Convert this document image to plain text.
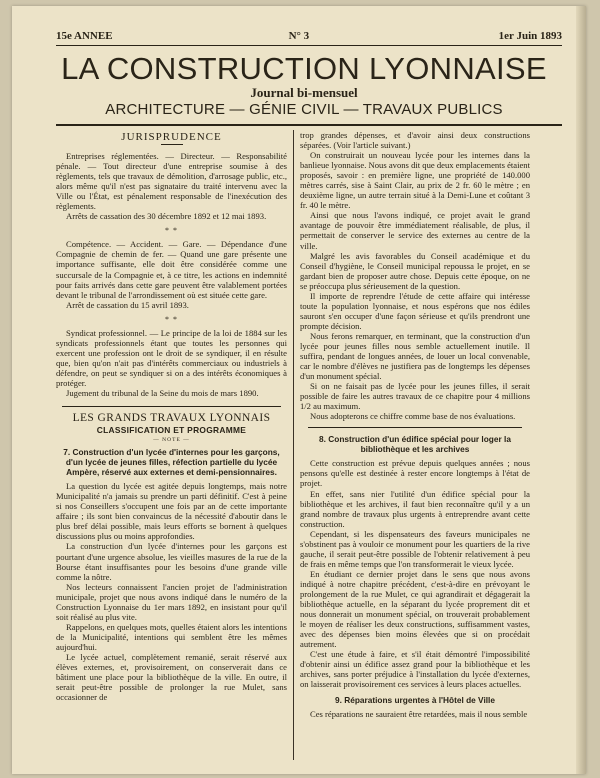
15e ANNEE	N° 3	1er Juin 1893
LA CONSTRUCTION LYONNAISE
Journal bi-mensuel
ARCHITECTURE — GÉNIE CIVIL — TRAVAUX PUBLICS
JURISPRUDENCE

Entreprises réglementées. — Directeur. — Responsabilité pénale. — Tout directeur d'une entreprise soumise à des règlements, tels que travaux de démolition, d'arrosage public, etc., alors même qu'il n'est pas signataire du traité intervenu avec la Ville ou l'État, est pénalement responsable de l'inexécution des règlements.

Arrêts de cassation des 30 décembre 1892 et 12 mai 1893.

* *

Compétence. — Accident. — Gare. — Dépendance d'une Compagnie de chemin de fer. — Quand une gare présente une importance suffisante, elle doit être considérée comme une succursale de la Compagnie et, à ce titre, les actions en indemnité pour faits arrivés dans cette gare peuvent être valablement portées devant le tribunal de l'arrondissement où est située cette gare.

Arrêt de cassation du 15 avril 1893.

* *

Syndicat professionnel. — Le principe de la loi de 1884 sur les syndicats professionnels étant que toutes les personnes qui exercent une profession ont le droit de se syndiquer, il en résulte que, bien qu'on n'ait pas d'intérêts commerciaux ou industriels à défendre, on peut se syndiquer si on a des intérêts économiques à protéger.

Jugement du tribunal de la Seine du mois de mars 1890.

LES GRANDS TRAVAUX LYONNAIS
CLASSIFICATION ET PROGRAMME
— NOTE —
7. Construction d'un lycée d'internes pour les garçons, d'un lycée de jeunes filles, réfection partielle du lycée Ampère, réservé aux externes et demi-pensionnaires.

La question du lycée est agitée depuis longtemps, mais notre Municipalité n'a jamais su prendre un parti définitif. C'est à peine si nos Conseillers s'occupent une fois par an de cette importante affaire ; ils sont bien convaincus de la nécessité d'aboutir dans le plus bref délai possible, mais leurs efforts se bornent à quelques discussions plus ou moins approfondies.

La construction d'un lycée d'internes pour les garçons est pourtant d'une urgence absolue, les vieilles masures de la rue de la Bourse étant insuffisantes pour les besoins d'une grande ville comme la nôtre.

Nos lecteurs connaissent l'ancien projet de l'administration municipale, projet que nous avons indiqué dans le numéro de la Construction Lyonnaise du 1er mars 1892, en insistant pour qu'il soit réalisé au plus vite.

Rappelons, en quelques mots, quelles étaient alors les intentions de la Municipalité, intentions qui semblent être les mêmes aujourd'hui.

Le lycée actuel, complètement remanié, serait réservé aux élèves externes, et, provisoirement, on conserverait dans ce bâtiment une place pour la bibliothèque de la ville. En outre, il serait peut-être possible de prolonger la rue Mulet, sans occasionner de

trop grandes dépenses, et d'avoir ainsi deux constructions séparées. (Voir l'article suivant.)

On construirait un nouveau lycée pour les internes dans la banlieue lyonnaise. Nous avons dit que deux emplacements étaient proposés, savoir : en première ligne, une propriété de 140.000 mètres carrés, sise à Saint Clair, au prix de 2 fr. 60 le mètre ; en deuxième ligne, un autre terrain situé à la Demi-Lune et coûtant 3 fr. 40 le mètre.

Ainsi que nous l'avons indiqué, ce projet avait le grand avantage de pouvoir être immédiatement réalisable, de plus, il permettait de conserver le service des externes au centre de la ville.

Malgré les avis favorables du Conseil académique et du Conseil d'hygiène, le Conseil municipal repoussa le projet, en se gardant bien de proposer autre chose. Depuis cette époque, on ne se préoccupa plus sérieusement de la question.

Il importe de reprendre l'étude de cette affaire qui intéresse toute la population lyonnaise, et nous espérons que nos édiles sauront s'en occuper d'une façon sérieuse et qu'ils prendront une prompte décision.

Nous ferons remarquer, en terminant, que la construction d'un lycée pour jeunes filles nous semble actuellement inutile. Il suffira, pendant de longues années, de louer un local convenable, car le nombre d'élèves ne justifiera pas de longtemps les dépenses d'un monument spécial.

Si on ne faisait pas de lycée pour les jeunes filles, il serait possible de faire les autres travaux de ce chapitre pour 4 millions 1/2 au maximum.

Nous adopterons ce chiffre comme base de nos évaluations.

8. Construction d'un édifice spécial pour loger la bibliothèque et les archives

Cette construction est prévue depuis quelques années ; nous pensons qu'elle est destinée à rester encore longtemps à l'état de projet.

En effet, sans nier l'utilité d'un édifice spécial pour la bibliothèque et les archives, il faut bien reconnaître qu'il y a un grand nombre de travaux plus urgents à entreprendre avant cette construction.

Cependant, si les dispensateurs des faveurs municipales ne s'obstinent pas à vouloir ce monument pour les quartiers de la rive gauche, il serait peut-être possible de l'obtenir relativement à peu de frais en même temps que l'on transformerait le vieux lycée.

En étudiant ce dernier projet dans le sens que nous avons indiqué à notre chapitre précédent, c'est-à-dire en prévoyant le prolongement de la rue Mulet, ce qui agrandirait et dégagerait la bibliothèque actuelle, en la séparant du lycée proprement dit et nous donnerait un monument spécial, on trouverait probablement le moyen de réaliser les deux constructions, suffisamment vastes, avec des dépenses bien moins élevées que si on procédait autrement.

C'est une étude à faire, et s'il était démontré l'impossibilité d'obtenir ainsi un édifice assez grand pour la bibliothèque et les archives, sans porter préjudice à l'installation du lycée d'externes, on laisserait provisoirement ces services à leurs places actuelles.

9. Réparations urgentes à l'Hôtel de Ville

Ces réparations ne sauraient être retardées, mais il nous semble
